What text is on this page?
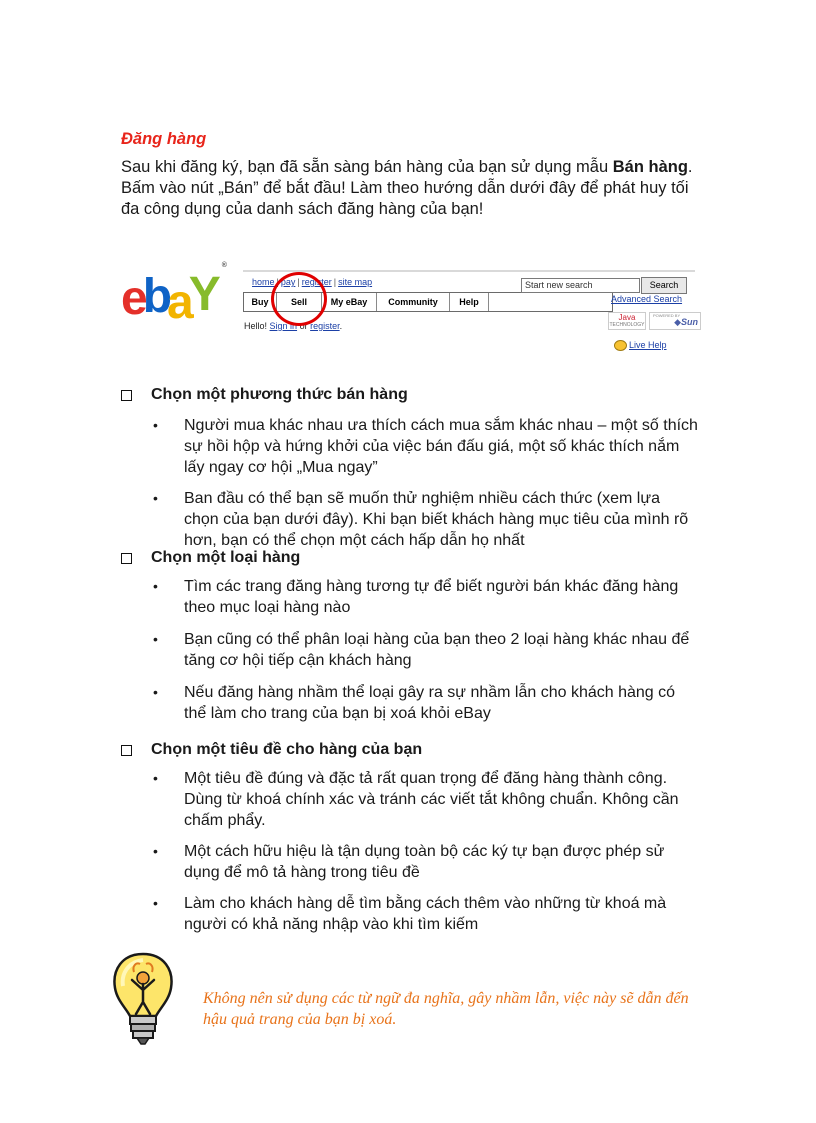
Đăng hàng
Sau khi đăng ký, bạn đã sẵn sàng bán hàng của bạn sử dụng mẫu Bán hàng. Bấm vào nút „Bán” để bắt đầu! Làm theo hướng dẫn dưới đây để phát huy tối đa công dụng của danh sách đăng hàng của bạn!
ebaY®
home | pay | register | site map
Buy	Sell	My eBay	Community	Help
Start new search	Search
Advanced Search
Hello! Sign in or register.
Java
TECHNOLOGY
POWERED BY
◆Sun
Live Help
Chọn một phương thức bán hàng
• Người mua khác nhau ưa thích cách mua sắm khác nhau – một số thích sự hồi hộp và hứng khởi của việc bán đấu giá, một số khác thích nắm lấy ngay cơ hội „Mua ngay”
• Ban đầu có thể bạn sẽ muốn thử nghiệm nhiều cách thức (xem lựa chọn của bạn dưới đây). Khi bạn biết khách hàng mục tiêu của mình rõ hơn, bạn có thể chọn một cách hấp dẫn họ nhất
Chọn một loại hàng
• Tìm các trang đăng hàng tương tự để biết người bán khác đăng hàng theo mục loại hàng nào
• Bạn cũng có thể phân loại hàng của bạn theo 2 loại hàng khác nhau để tăng cơ hội tiếp cận khách hàng
• Nếu đăng hàng nhầm thể loại gây ra sự nhầm lẫn cho khách hàng có thể làm cho trang của bạn bị xoá khỏi eBay
Chọn một tiêu đề cho hàng của bạn
• Một tiêu đề đúng và đặc tả rất quan trọng để đăng hàng thành công. Dùng từ khoá chính xác và tránh các viết tắt không chuẩn. Không cần chấm phẩy.
• Một cách hữu hiệu là tận dụng toàn bộ các ký tự bạn được phép sử dụng để mô tả hàng trong tiêu đề
• Làm cho khách hàng dễ tìm bằng cách thêm vào những từ khoá mà người có khả năng nhập vào khi tìm kiếm
Không nên sử dụng các từ ngữ đa nghĩa, gây nhầm lẫn, việc này sẽ dẫn đến hậu quả trang của bạn bị xoá.
